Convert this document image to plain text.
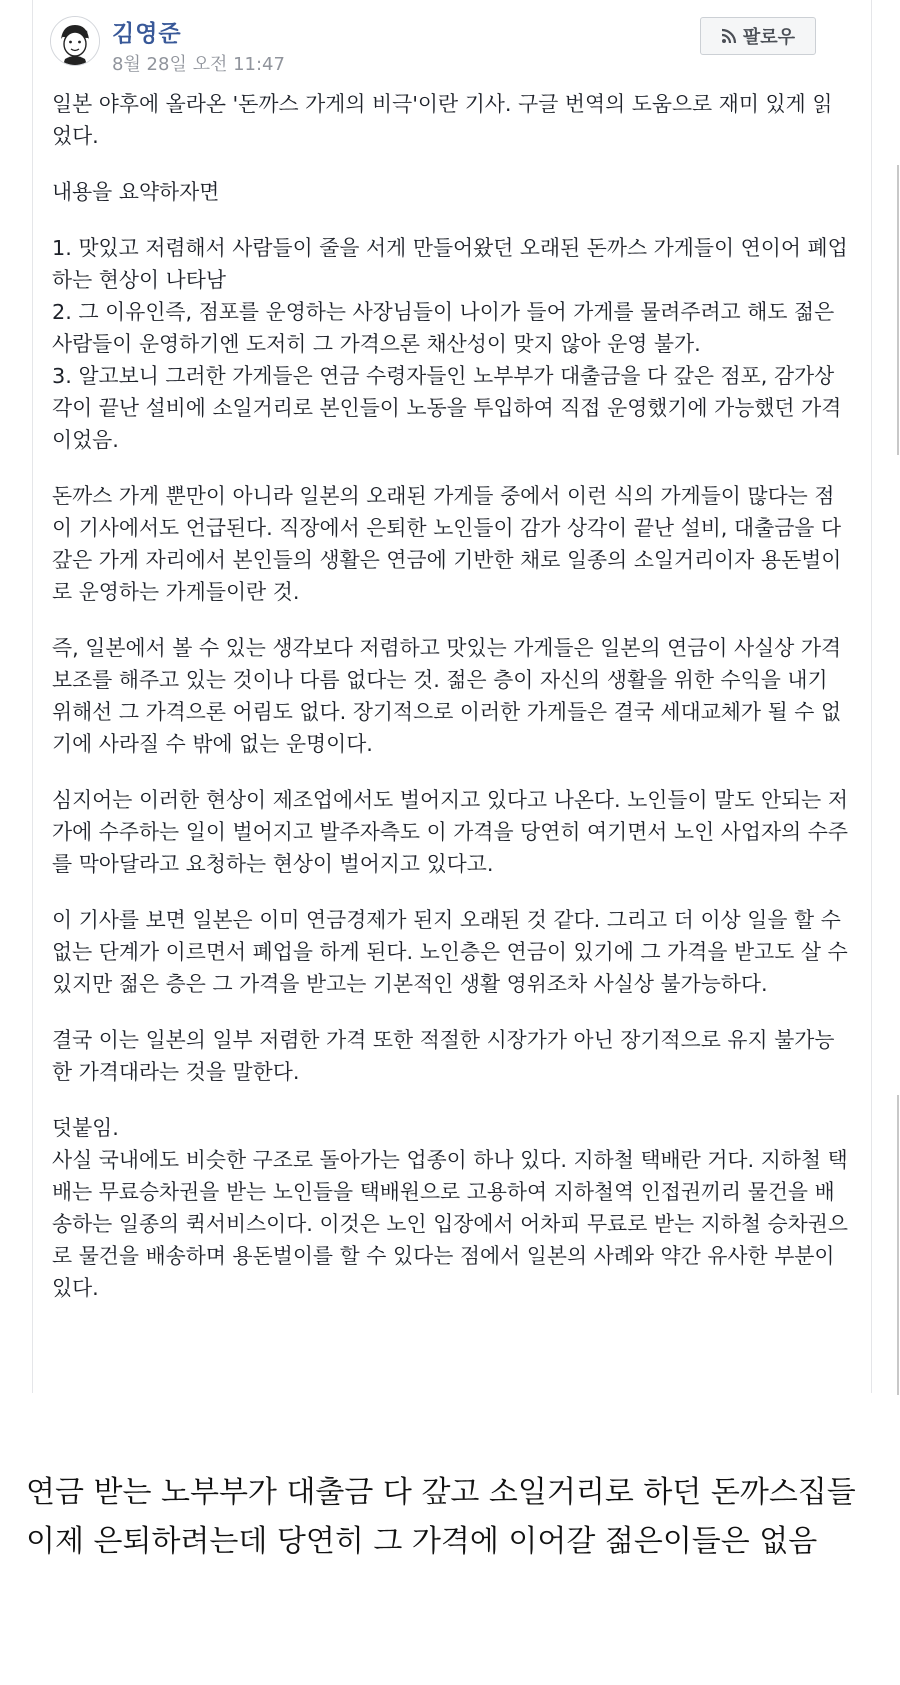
김영준
8월 28일 오전 11:47
팔로우

일본 야후에 올라온 '돈까스 가게의 비극'이란 기사. 구글 번역의 도움으로 재미 있게 읽었다.

내용을 요약하자면

1. 맛있고 저렴해서 사람들이 줄을 서게 만들어왔던 오래된 돈까스 가게들이 연이어 폐업하는 현상이 나타남
2. 그 이유인즉, 점포를 운영하는 사장님들이 나이가 들어 가게를 물려주려고 해도 젊은 사람들이 운영하기엔 도저히 그 가격으론 채산성이 맞지 않아 운영 불가.
3. 알고보니 그러한 가게들은 연금 수령자들인 노부부가 대출금을 다 갚은 점포, 감가상각이 끝난 설비에 소일거리로 본인들이 노동을 투입하여 직접 운영했기에 가능했던 가격이었음.

돈까스 가게 뿐만이 아니라 일본의 오래된 가게들 중에서 이런 식의 가게들이 많다는 점이 기사에서도 언급된다. 직장에서 은퇴한 노인들이 감가 상각이 끝난 설비, 대출금을 다 갚은 가게 자리에서 본인들의 생활은 연금에 기반한 채로 일종의 소일거리이자 용돈벌이로 운영하는 가게들이란 것.

즉, 일본에서 볼 수 있는 생각보다 저렴하고 맛있는 가게들은 일본의 연금이 사실상 가격보조를 해주고 있는 것이나 다름 없다는 것. 젊은 층이 자신의 생활을 위한 수익을 내기 위해선 그 가격으론 어림도 없다. 장기적으로 이러한 가게들은 결국 세대교체가 될 수 없기에 사라질 수 밖에 없는 운명이다.

심지어는 이러한 현상이 제조업에서도 벌어지고 있다고 나온다. 노인들이 말도 안되는 저가에 수주하는 일이 벌어지고 발주자측도 이 가격을 당연히 여기면서 노인 사업자의 수주를 막아달라고 요청하는 현상이 벌어지고 있다고.

이 기사를 보면 일본은 이미 연금경제가 된지 오래된 것 같다. 그리고 더 이상 일을 할 수 없는 단계가 이르면서 폐업을 하게 된다. 노인층은 연금이 있기에 그 가격을 받고도 살 수 있지만 젊은 층은 그 가격을 받고는 기본적인 생활 영위조차 사실상 불가능하다.

결국 이는 일본의 일부 저렴한 가격 또한 적절한 시장가가 아닌 장기적으로 유지 불가능한 가격대라는 것을 말한다.

덧붙임.
사실 국내에도 비슷한 구조로 돌아가는 업종이 하나 있다. 지하철 택배란 거다. 지하철 택배는 무료승차권을 받는 노인들을 택배원으로 고용하여 지하철역 인접권끼리 물건을 배송하는 일종의 퀵서비스이다. 이것은 노인 입장에서 어차피 무료로 받는 지하철 승차권으로 물건을 배송하며 용돈벌이를 할 수 있다는 점에서 일본의 사례와 약간 유사한 부분이 있다.

연금 받는 노부부가 대출금 다 갚고 소일거리로 하던 돈까스집들

이제 은퇴하려는데 당연히 그 가격에 이어갈 젊은이들은 없음
